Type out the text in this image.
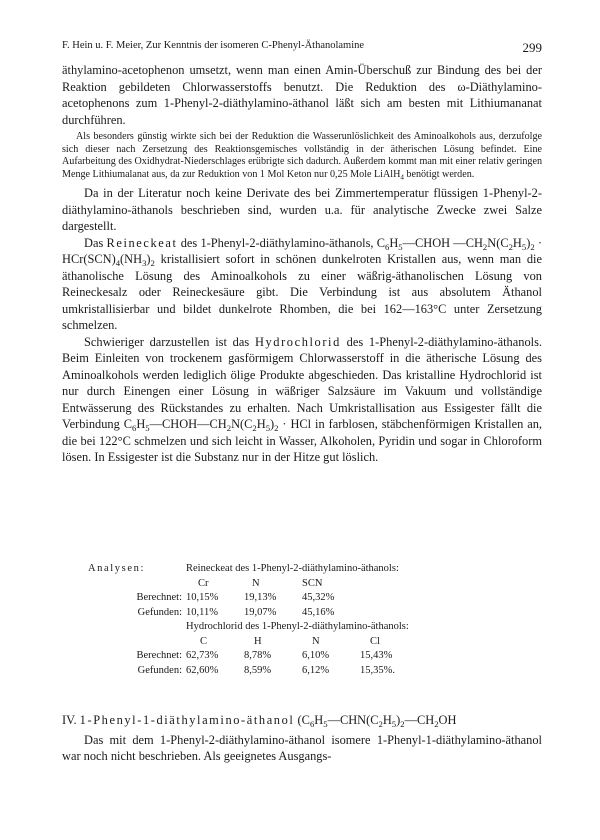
F. Hein u. F. Meier, Zur Kenntnis der isomeren C-Phenyl-Äthanolamine	299

äthylamino-acetophenon umsetzt, wenn man einen Amin-Überschuß zur Bindung des bei der Reaktion gebildeten Chlorwasserstoffs benutzt. Die Reduktion des ω-Diäthylamino-acetophenons zum 1-Phenyl-2-diäthylamino-äthanol läßt sich am besten mit Lithiumananat durchführen.

Als besonders günstig wirkte sich bei der Reduktion die Wasserunlöslichkeit des Aminoalkohols aus, derzufolge sich dieser nach Zersetzung des Reaktionsgemisches vollständig in der ätherischen Lösung befindet. Eine Aufarbeitung des Oxidhydrat-Niederschlages erübrigte sich dadurch. Außerdem kommt man mit einer relativ geringen Menge Lithiumalanat aus, da zur Reduktion von 1 Mol Keton nur 0,25 Mole LiAlH$_4$ benötigt werden.

Da in der Literatur noch keine Derivate des bei Zimmertemperatur flüssigen 1-Phenyl-2-diäthylamino-äthanols beschrieben sind, wurden u.a. für analytische Zwecke zwei Salze dargestellt.

Das Reineckeat des 1-Phenyl-2-diäthylamino-äthanols, $C_6H_5—CHOH$ $—CH_2N(C_2H_5)_2 \cdot HCr(SCN)_4(NH_3)_2$ kristallisiert sofort in schönen dunkelroten Kristallen aus, wenn man die äthanolische Lösung des Aminoalkohols zu einer wäßrig-äthanolischen Lösung von Reineckesalz oder Reineckesäure gibt. Die Verbindung ist aus absolutem Äthanol umkristallisierbar und bildet dunkelrote Rhomben, die bei 162—163°C unter Zersetzung schmelzen.

Schwieriger darzustellen ist das Hydrochlorid des 1-Phenyl-2-diäthylamino-äthanols. Beim Einleiten von trockenem gasförmigem Chlorwasserstoff in die ätherische Lösung des Aminoalkohols werden lediglich ölige Produkte abgeschieden. Das kristalline Hydrochlorid ist nur durch Einengen einer Lösung in wäßriger Salzsäure im Vakuum und vollständige Entwässerung des Rückstandes zu erhalten. Nach Umkristallisation aus Essigester fällt die Verbindung $C_6H_5—CHOH—CH_2N(C_2H_5)_2$ · HCl in farblosen, stäbchenförmigen Kristallen an, die bei 122°C schmelzen und sich leicht in Wasser, Alkoholen, Pyridin und sogar in Chloroform lösen. In Essigester ist die Substanz nur in der Hitze gut löslich.

Analysen:	Reineckeat des 1-Phenyl-2-diäthylamino-äthanols:
Cr	N	SCN
Berechnet: 10,15%	19,13%	45,32%
Gefunden: 10,11%	19,07%	45,16%
Hydrochlorid des 1-Phenyl-2-diäthylamino-äthanols:
C	H	N	Cl
Berechnet: 62,73%	8,78%	6,10%	15,43%
Gefunden: 62,60%	8,59%	6,12%	15,35%.

IV. 1-Phenyl-1-diäthylamino-äthanol ($C_6H_5—CHN(C_2H_5)_2—CH_2OH$

Das mit dem 1-Phenyl-2-diäthylamino-äthanol isomere 1-Phenyl-1-diäthylamino-äthanol war noch nicht beschrieben. Als geeignetes Ausgangs-
